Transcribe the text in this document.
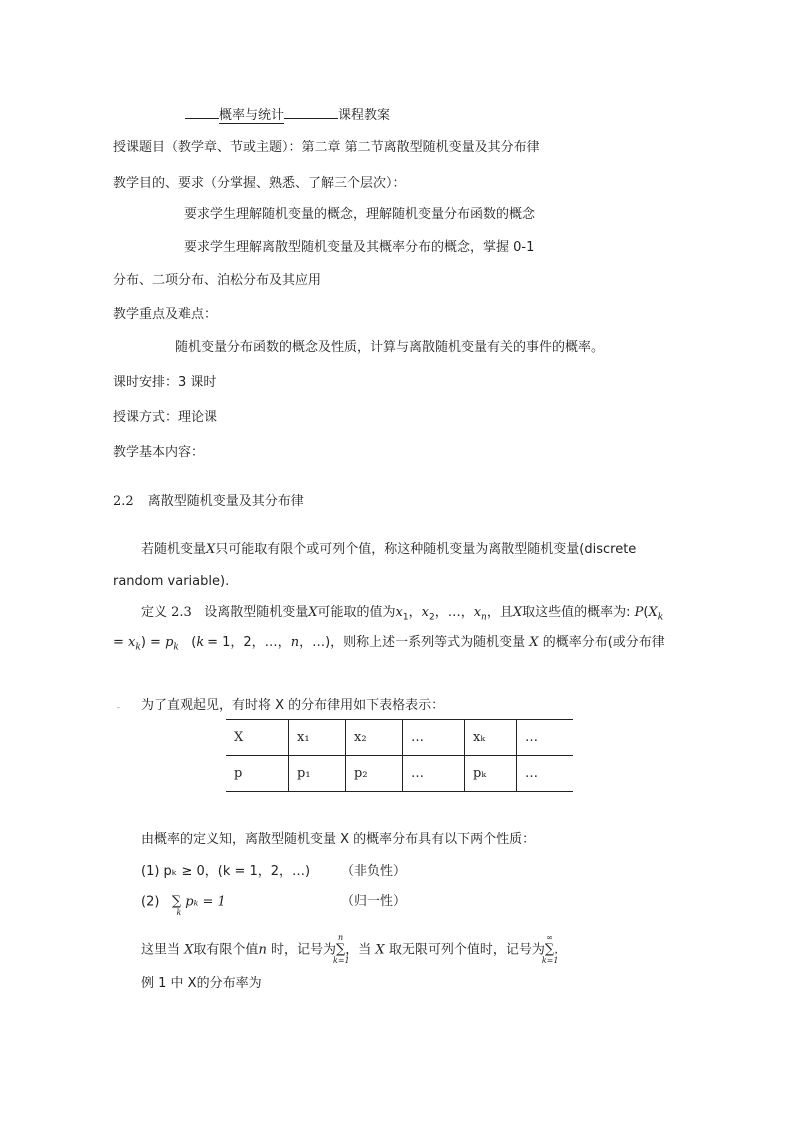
概率与统计	课程教案
授课题目（教学章、节或主题）：第二章 第二节离散型随机变量及其分布律
教学目的、要求（分掌握、熟悉、了解三个层次）：
要求学生理解随机变量的概念，理解随机变量分布函数的概念
要求学生理解离散型随机变量及其概率分布的概念，掌握 0-1
分布、二项分布、泊松分布及其应用
教学重点及难点：
随机变量分布函数的概念及性质，计算与离散随机变量有关的事件的概率。
课时安排：3 课时
授课方式：理论课
教学基本内容：
2.2 离散型随机变量及其分布律
若随机变量X只可能取有限个或可列个值，称这种随机变量为离散型随机变量(discrete
random variable).
定义 2.3 设离散型随机变量X可能取的值为$x_1$，$x_2$，…，$x_n$，且X取这些值的概率为: $P(X_k$
= $x_k) = p_k$   (k = 1，2，…，n，…)，则称上述一系列等式为随机变量 X 的概率分布(或分布律
- 为了直观起见，有时将 X 的分布律用如下表格表示：
X	x₁	x₂	…	xₖ	…
p	p₁	p₂	…	pₖ	…
由概率的定义知，离散型随机变量 X 的概率分布具有以下两个性质：
(1) pₖ ≥ 0，(k = 1，2，…) （非负性）
(2) ∑
k
pₖ = 1	（归一性）
这里当 X取有限个值n 时，记号为
n
∑
k=1
，当 X 取无限可列个值时，记号为
∞
∑
k=1
.
例 1 中 X的分布率为
